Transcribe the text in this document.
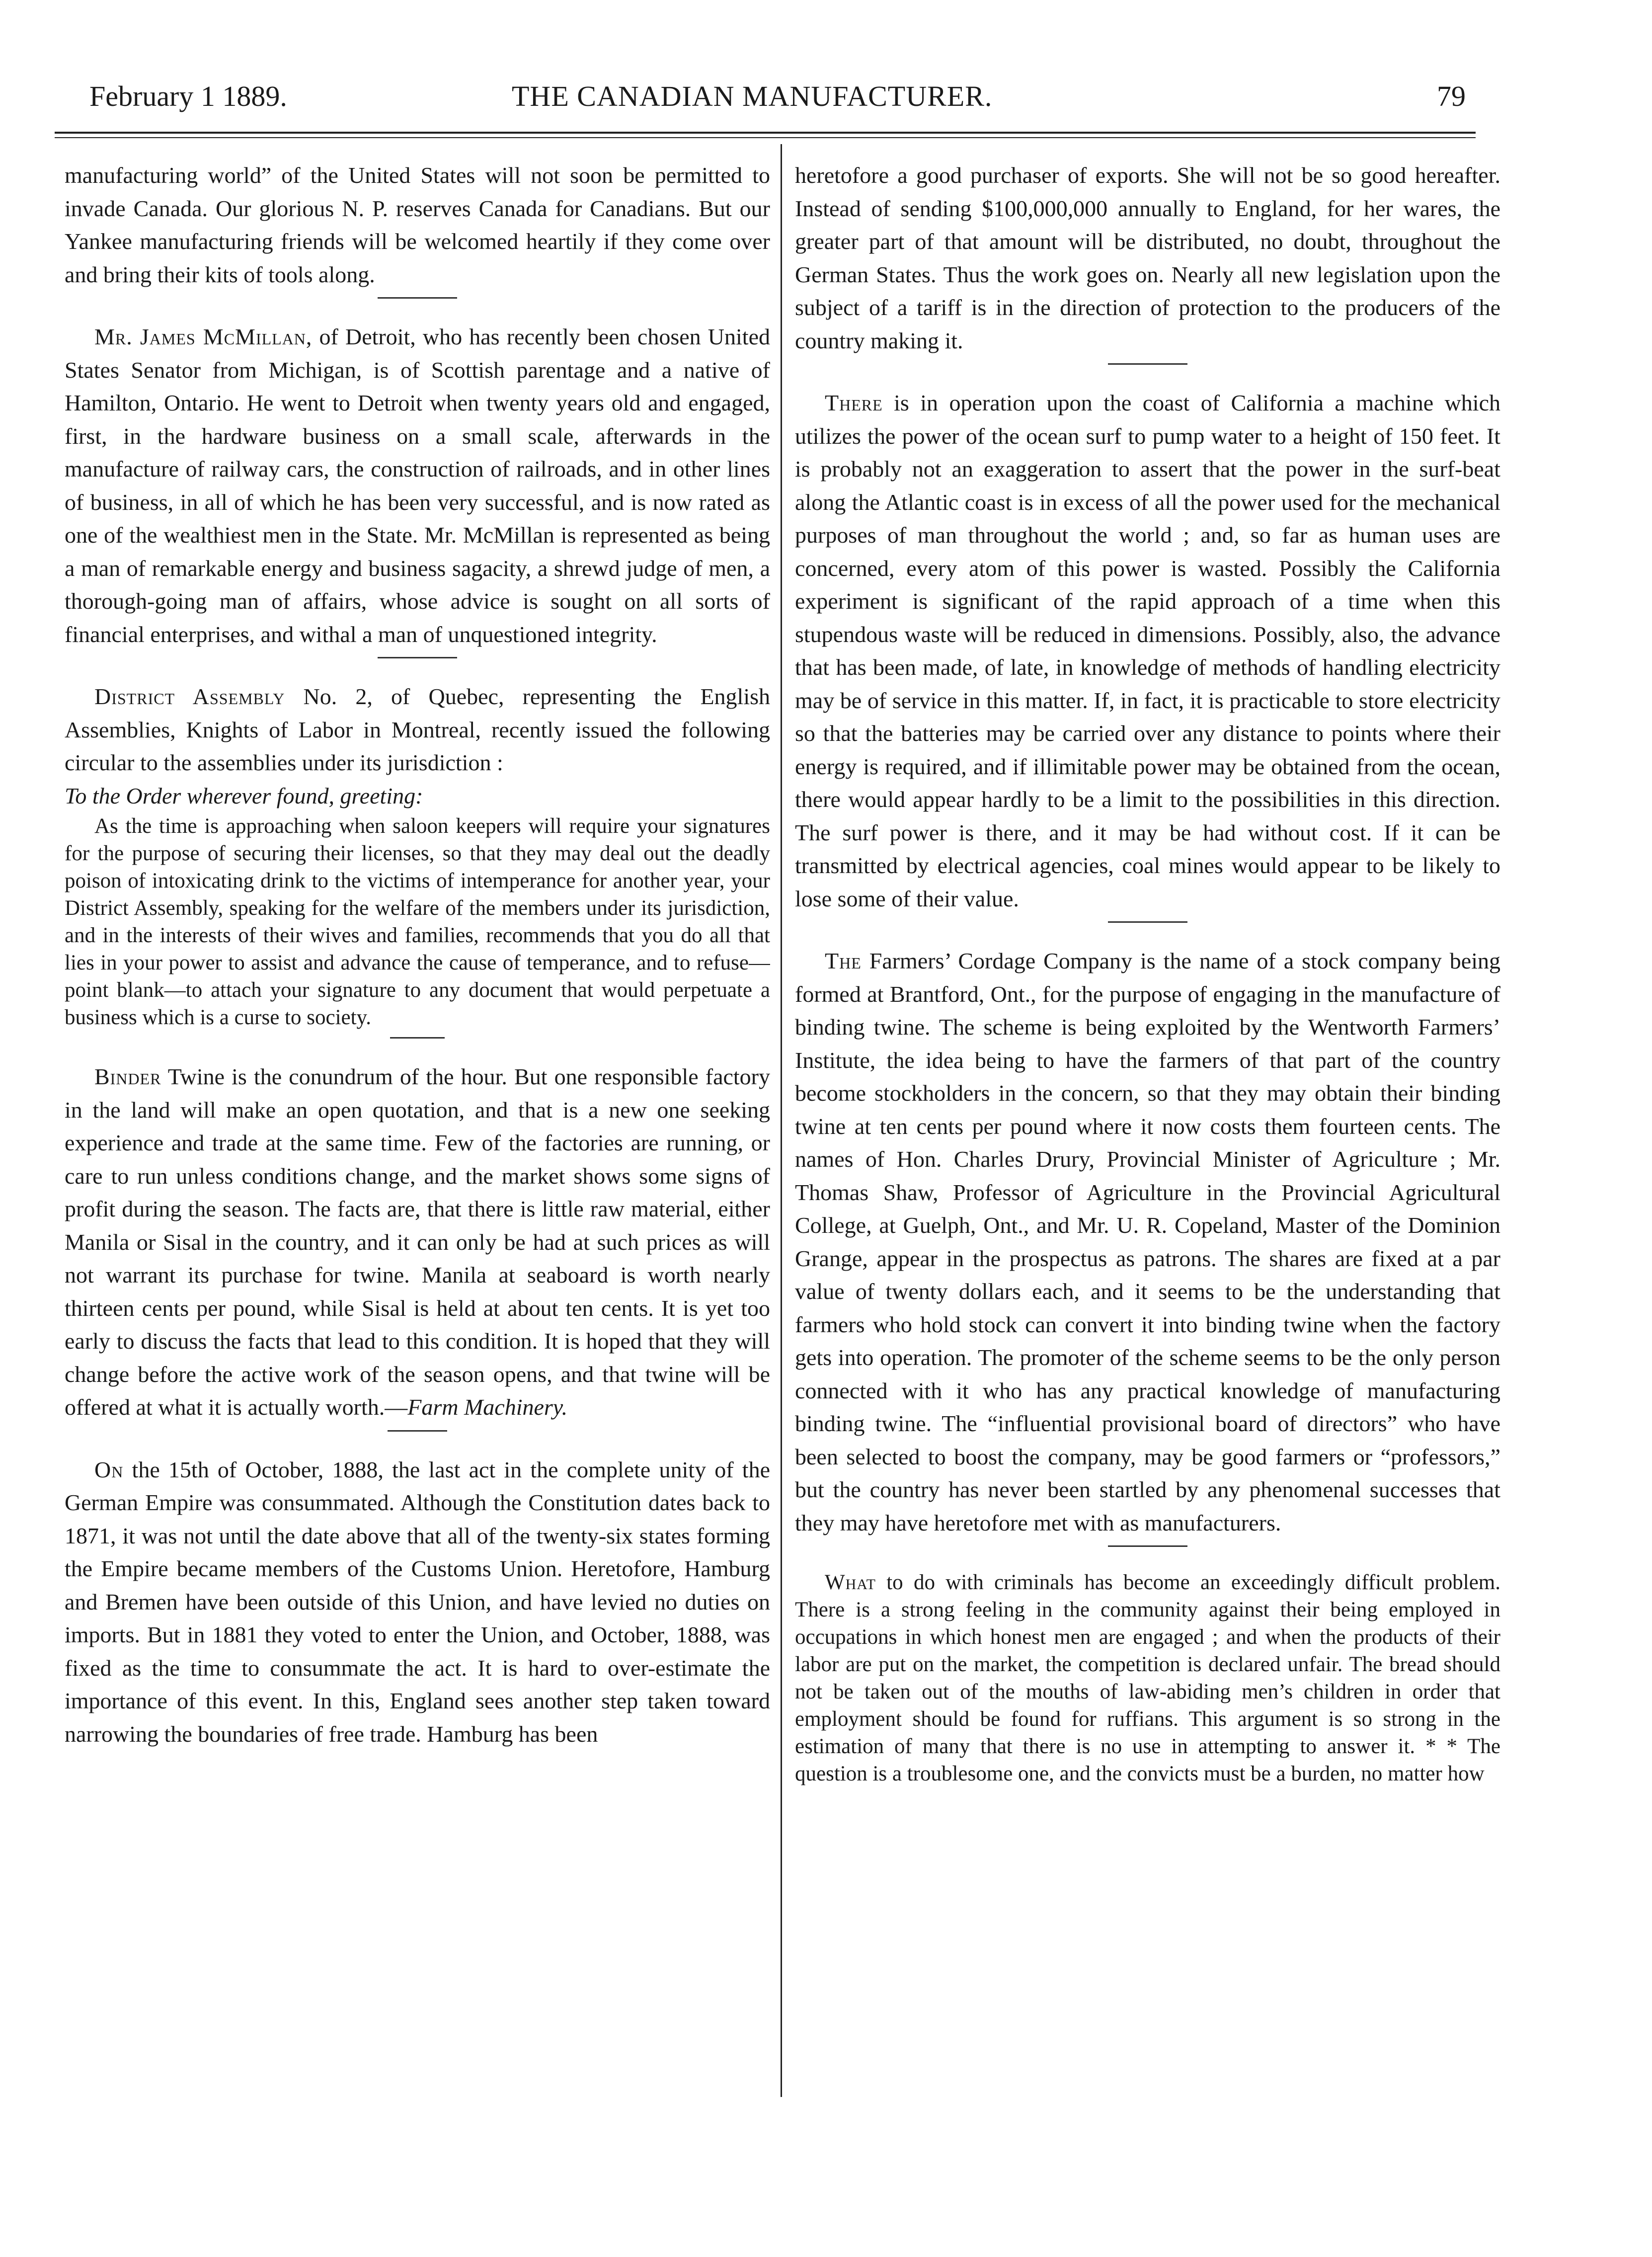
February 1 1889.	THE CANADIAN MANUFACTURER.	79

manufacturing world” of the United States will not soon be permitted to invade Canada. Our glorious N. P. reserves Canada for Canadians. But our Yankee manufacturing friends will be welcomed heartily if they come over and bring their kits of tools along.

Mr. James McMillan, of Detroit, who has recently been chosen United States Senator from Michigan, is of Scottish parentage and a native of Hamilton, Ontario. He went to Detroit when twenty years old and engaged, first, in the hardware business on a small scale, afterwards in the manufacture of railway cars, the construction of railroads, and in other lines of business, in all of which he has been very successful, and is now rated as one of the wealthiest men in the State. Mr. McMillan is represented as being a man of remarkable energy and business sagacity, a shrewd judge of men, a thorough-going man of affairs, whose advice is sought on all sorts of financial enterprises, and withal a man of unquestioned integrity.

District Assembly No. 2, of Quebec, representing the English Assemblies, Knights of Labor in Montreal, recently issued the following circular to the assemblies under its jurisdiction :

To the Order wherever found, greeting:

As the time is approaching when saloon keepers will require your signatures for the purpose of securing their licenses, so that they may deal out the deadly poison of intoxicating drink to the victims of intemperance for another year, your District Assembly, speaking for the welfare of the members under its jurisdiction, and in the interests of their wives and families, recommends that you do all that lies in your power to assist and advance the cause of temperance, and to refuse—point blank—to attach your signature to any document that would perpetuate a business which is a curse to society.

Binder Twine is the conundrum of the hour. But one responsible factory in the land will make an open quotation, and that is a new one seeking experience and trade at the same time. Few of the factories are running, or care to run unless conditions change, and the market shows some signs of profit during the season. The facts are, that there is little raw material, either Manila or Sisal in the country, and it can only be had at such prices as will not warrant its purchase for twine. Manila at seaboard is worth nearly thirteen cents per pound, while Sisal is held at about ten cents. It is yet too early to discuss the facts that lead to this condition. It is hoped that they will change before the active work of the season opens, and that twine will be offered at what it is actually worth.—Farm Machinery.

On the 15th of October, 1888, the last act in the complete unity of the German Empire was consummated. Although the Constitution dates back to 1871, it was not until the date above that all of the twenty-six states forming the Empire became members of the Customs Union. Heretofore, Hamburg and Bremen have been outside of this Union, and have levied no duties on imports. But in 1881 they voted to enter the Union, and October, 1888, was fixed as the time to consummate the act. It is hard to over-estimate the importance of this event. In this, England sees another step taken toward narrowing the boundaries of free trade. Hamburg has been

heretofore a good purchaser of exports. She will not be so good hereafter. Instead of sending $100,000,000 annually to England, for her wares, the greater part of that amount will be distributed, no doubt, throughout the German States. Thus the work goes on. Nearly all new legislation upon the subject of a tariff is in the direction of protection to the producers of the country making it.

There is in operation upon the coast of California a machine which utilizes the power of the ocean surf to pump water to a height of 150 feet. It is probably not an exaggeration to assert that the power in the surf-beat along the Atlantic coast is in excess of all the power used for the mechanical purposes of man throughout the world ; and, so far as human uses are concerned, every atom of this power is wasted. Possibly the California experiment is significant of the rapid approach of a time when this stupendous waste will be reduced in dimensions. Possibly, also, the advance that has been made, of late, in knowledge of methods of handling electricity may be of service in this matter. If, in fact, it is practicable to store electricity so that the batteries may be carried over any distance to points where their energy is required, and if illimitable power may be obtained from the ocean, there would appear hardly to be a limit to the possibilities in this direction. The surf power is there, and it may be had without cost. If it can be transmitted by electrical agencies, coal mines would appear to be likely to lose some of their value.

The Farmers’ Cordage Company is the name of a stock company being formed at Brantford, Ont., for the purpose of engaging in the manufacture of binding twine. The scheme is being exploited by the Wentworth Farmers’ Institute, the idea being to have the farmers of that part of the country become stockholders in the concern, so that they may obtain their binding twine at ten cents per pound where it now costs them fourteen cents. The names of Hon. Charles Drury, Provincial Minister of Agriculture ; Mr. Thomas Shaw, Professor of Agriculture in the Provincial Agricultural College, at Guelph, Ont., and Mr. U. R. Copeland, Master of the Dominion Grange, appear in the prospectus as patrons. The shares are fixed at a par value of twenty dollars each, and it seems to be the understanding that farmers who hold stock can convert it into binding twine when the factory gets into operation. The promoter of the scheme seems to be the only person connected with it who has any practical knowledge of manufacturing binding twine. The “influential provisional board of directors” who have been selected to boost the company, may be good farmers or “professors,” but the country has never been startled by any phenomenal successes that they may have heretofore met with as manufacturers.

What to do with criminals has become an exceedingly difficult problem. There is a strong feeling in the community against their being employed in occupations in which honest men are engaged ; and when the products of their labor are put on the market, the competition is declared unfair. The bread should not be taken out of the mouths of law-abiding men’s children in order that employment should be found for ruffians. This argument is so strong in the estimation of many that there is no use in attempting to answer it. * * The question is a troublesome one, and the convicts must be a burden, no matter how
